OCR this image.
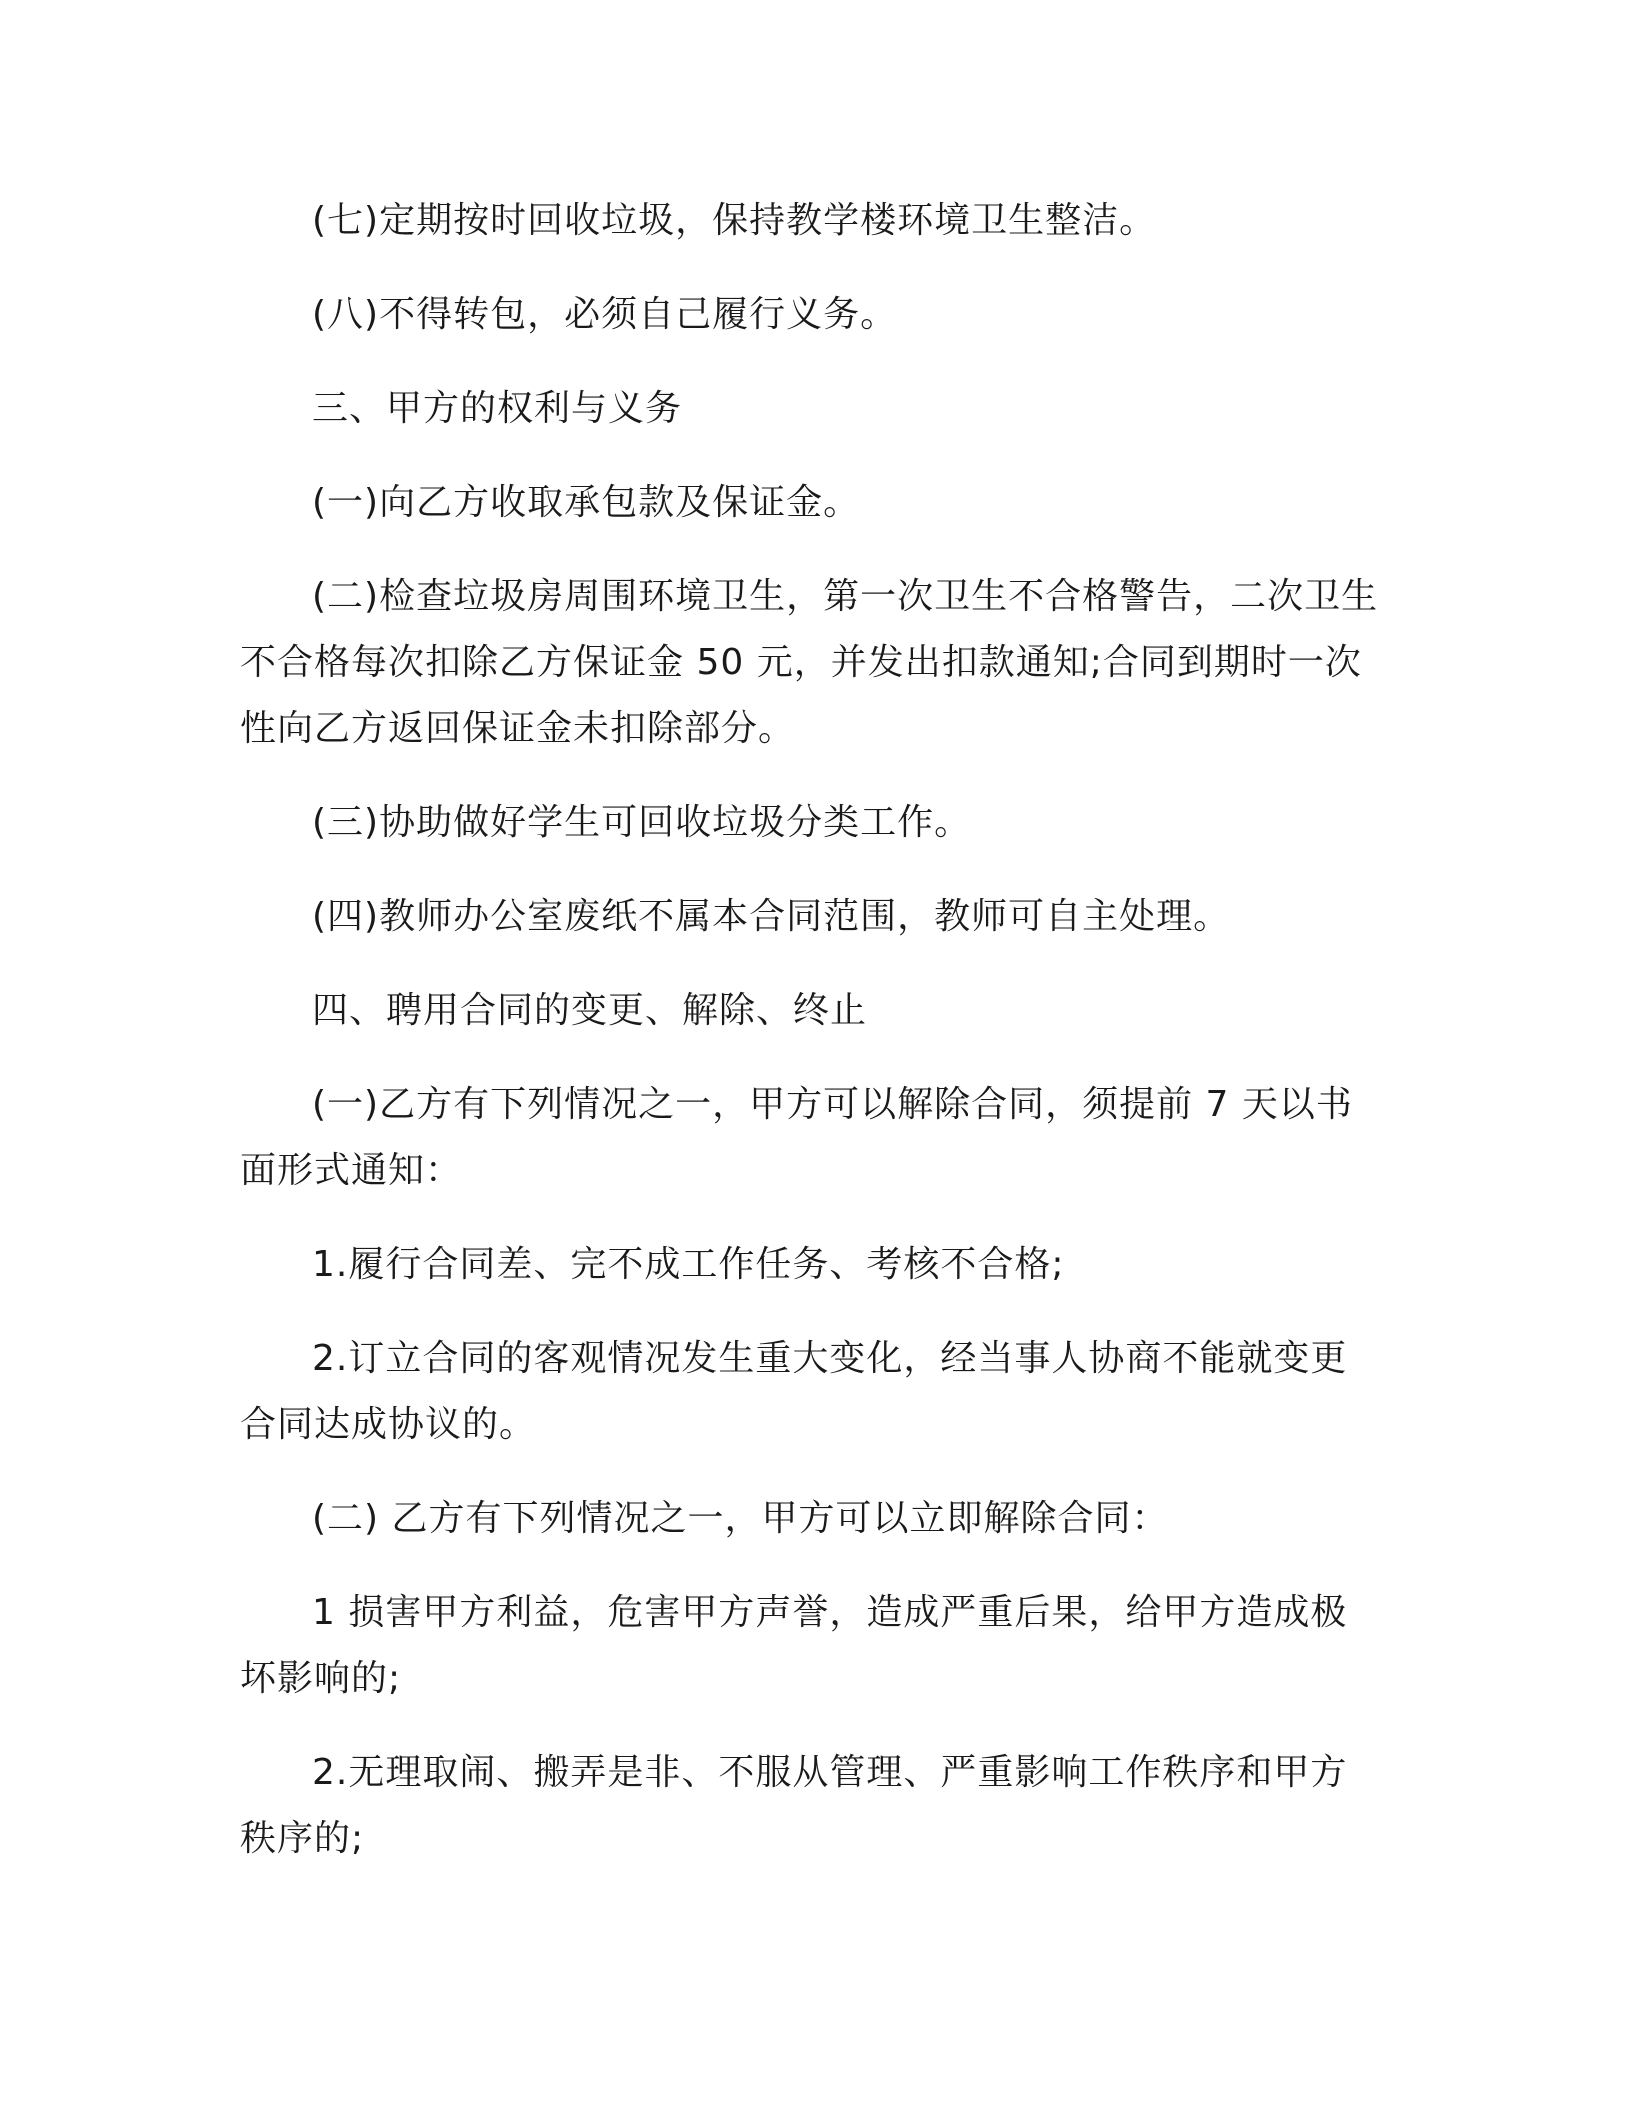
(七)定期按时回收垃圾，保持教学楼环境卫生整洁。

(八)不得转包，必须自己履行义务。

三、甲方的权利与义务

(一)向乙方收取承包款及保证金。

(二)检查垃圾房周围环境卫生，第一次卫生不合格警告，二次卫生不合格每次扣除乙方保证金 50 元，并发出扣款通知;合同到期时一次性向乙方返回保证金未扣除部分。

(三)协助做好学生可回收垃圾分类工作。

(四)教师办公室废纸不属本合同范围，教师可自主处理。

四、聘用合同的变更、解除、终止

(一)乙方有下列情况之一，甲方可以解除合同，须提前 7 天以书面形式通知：

1.履行合同差、完不成工作任务、考核不合格;

2.订立合同的客观情况发生重大变化，经当事人协商不能就变更合同达成协议的。

(二) 乙方有下列情况之一，甲方可以立即解除合同：

1 损害甲方利益，危害甲方声誉，造成严重后果，给甲方造成极坏影响的;

2.无理取闹、搬弄是非、不服从管理、严重影响工作秩序和甲方秩序的;
